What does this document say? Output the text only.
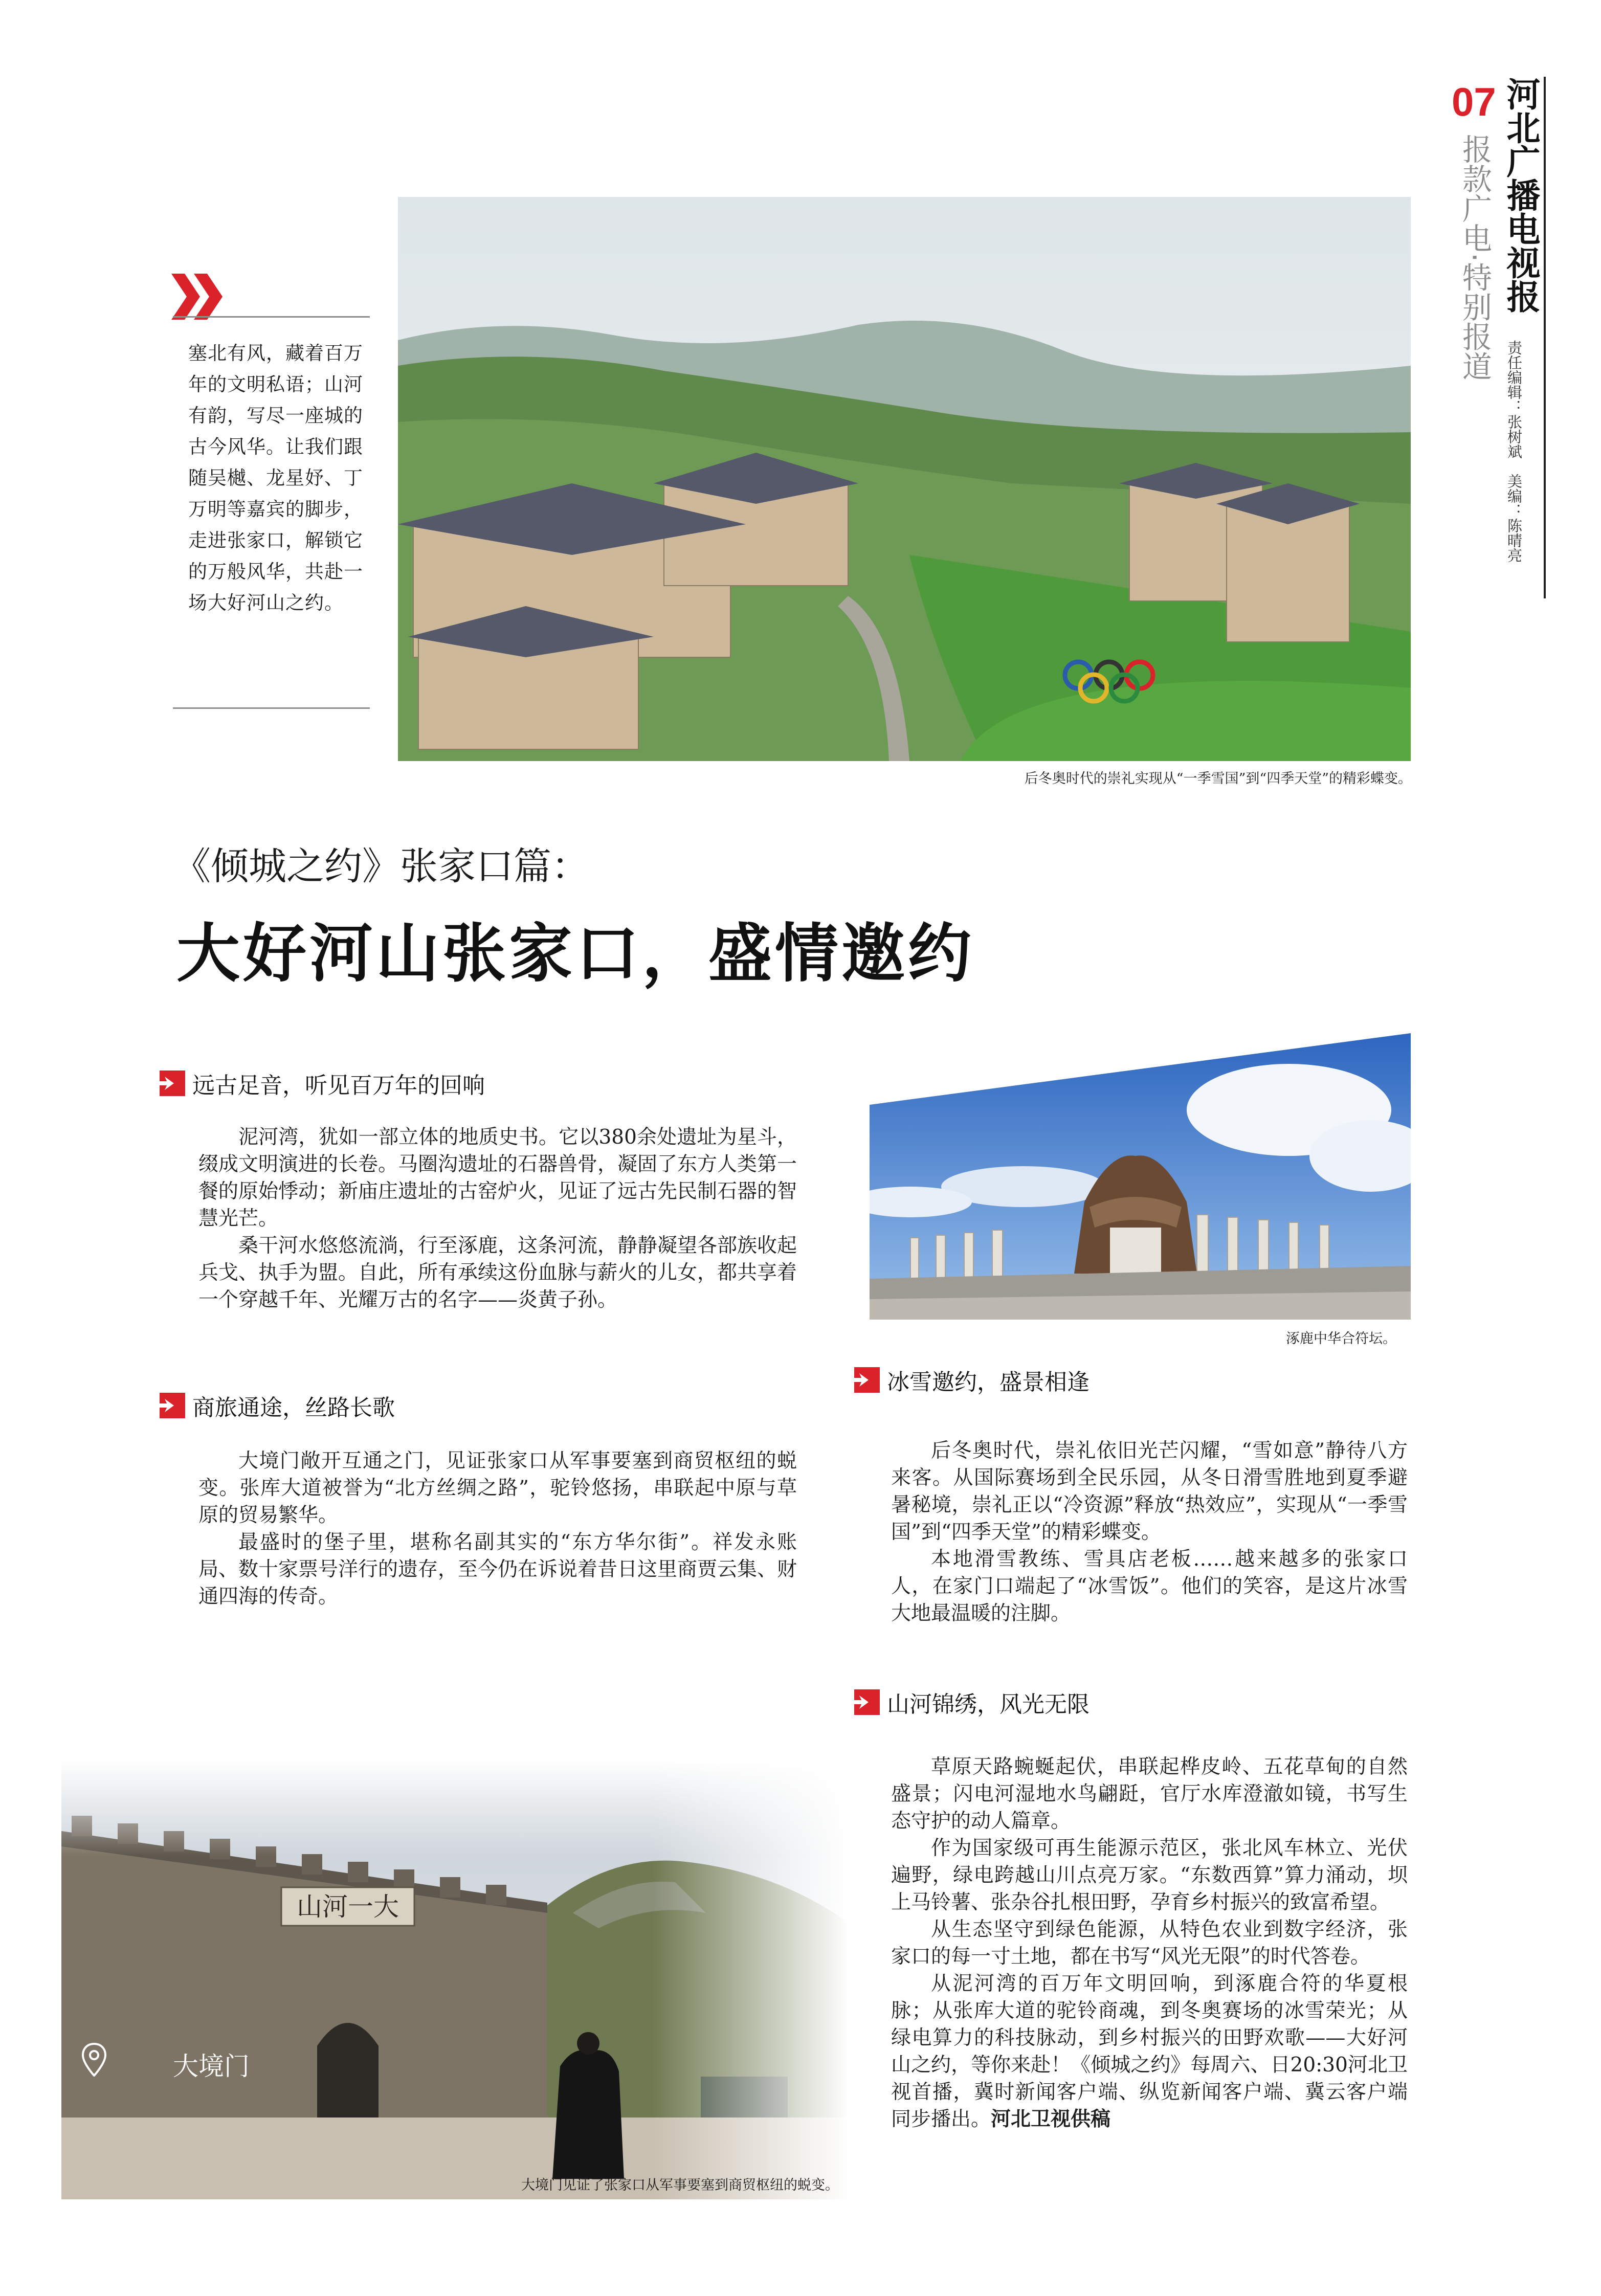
07 河北广播电视报
报款广电·特别报道
责任编辑：张树斌　美编：陈晴亮
塞北有风，藏着百万年的文明私语；山河有韵，写尽一座城的古今风华。让我们跟随吴樾、龙星妤、丁万明等嘉宾的脚步，走进张家口，解锁它的万般风华，共赴一场大好河山之约。
后冬奥时代的崇礼实现从“一季雪国”到“四季天堂”的精彩蝶变。
《倾城之约》张家口篇：
大好河山张家口，盛情邀约
远古足音，听见百万年的回响

泥河湾，犹如一部立体的地质史书。它以380余处遗址为星斗，缀成文明演进的长卷。马圈沟遗址的石器兽骨，凝固了东方人类第一餐的原始悸动；新庙庄遗址的古窑炉火，见证了远古先民制石器的智慧光芒。

桑干河水悠悠流淌，行至涿鹿，这条河流，静静凝望各部族收起兵戈、执手为盟。自此，所有承续这份血脉与薪火的儿女，都共享着一个穿越千年、光耀万古的名字——炎黄子孙。

商旅通途，丝路长歌

大境门敞开互通之门，见证张家口从军事要塞到商贸枢纽的蜕变。张库大道被誉为“北方丝绸之路”，驼铃悠扬，串联起中原与草原的贸易繁华。

最盛时的堡子里，堪称名副其实的“东方华尔街”。祥发永账局、数十家票号洋行的遗存，至今仍在诉说着昔日这里商贾云集、财通四海的传奇。

涿鹿中华合符坛。
冰雪邀约，盛景相逢

后冬奥时代，崇礼依旧光芒闪耀，“雪如意”静待八方来客。从国际赛场到全民乐园，从冬日滑雪胜地到夏季避暑秘境，崇礼正以“冷资源”释放“热效应”，实现从“一季雪国”到“四季天堂”的精彩蝶变。

本地滑雪教练、雪具店老板……越来越多的张家口人，在家门口端起了“冰雪饭”。他们的笑容，是这片冰雪大地最温暖的注脚。

山河锦绣，风光无限

草原天路蜿蜒起伏，串联起桦皮岭、五花草甸的自然盛景；闪电河湿地水鸟翩跹，官厅水库澄澈如镜，书写生态守护的动人篇章。

作为国家级可再生能源示范区，张北风车林立、光伏遍野，绿电跨越山川点亮万家。“东数西算”算力涌动，坝上马铃薯、张杂谷扎根田野，孕育乡村振兴的致富希望。

从生态坚守到绿色能源，从特色农业到数字经济，张家口的每一寸土地，都在书写“风光无限”的时代答卷。

从泥河湾的百万年文明回响，到涿鹿合符的华夏根脉；从张库大道的驼铃商魂，到冬奥赛场的冰雪荣光；从绿电算力的科技脉动，到乡村振兴的田野欢歌——大好河山之约，等你来赴！《倾城之约》每周六、日20:30河北卫视首播，冀时新闻客户端、纵览新闻客户端、冀云客户端同步播出。河北卫视供稿

大境门
大境门见证了张家口从军事要塞到商贸枢纽的蜕变。
